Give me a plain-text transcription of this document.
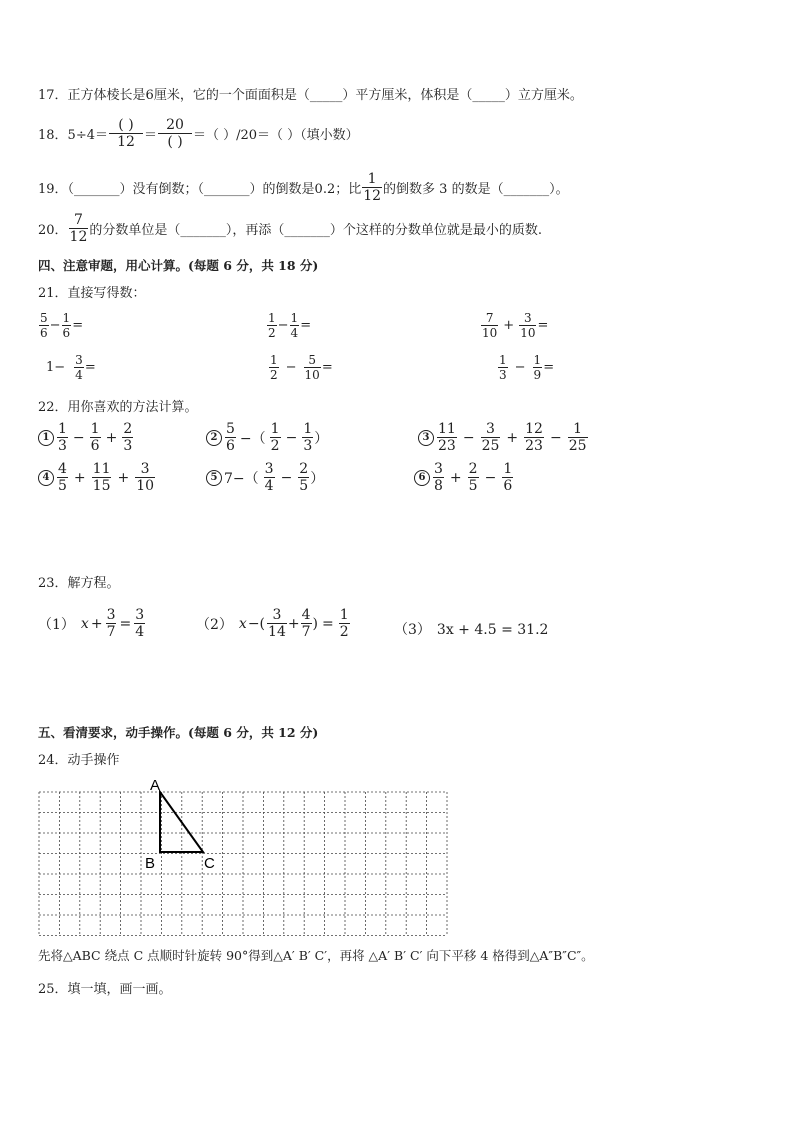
17．正方体棱长是6厘米，它的一个面面积是（_____）平方厘米，体积是（_____）立方厘米。
18．$5\div 4= \frac{( )}{12} = \frac{20}{( )}$ ＝（ ）/20＝（ ）（填小数）
19．（_______）没有倒数；（_______）的倒数是0.2；比 $\frac{1}{12}$ 的倒数多 3 的数是（_______）。
20． $\frac{7}{12}$ 的分数单位是（_______），再添（_______）个这样的分数单位就是最小的质数.
四、注意审题，用心计算。(每题 6 分，共 18 分)
21．直接写得数：
$\frac{5}{6} - \frac{1}{6}$ =	$\frac{1}{2} - \frac{1}{4}$ =	$\frac{7}{10} + \frac{3}{10}$ =
$1- \frac{3}{4}$ =	$\frac{1}{2} - \frac{5}{10}$ =	$\frac{1}{3} - \frac{1}{9}$ =
22．用你喜欢的方法计算。
$1 \frac{1}{3} - \frac{1}{6} + \frac{2}{3}$	$2 \frac{5}{6}$ −（ $\frac{1}{2} - \frac{1}{3}$ ）	$3 \frac{11}{23} - \frac{3}{25} + \frac{12}{23} - \frac{1}{25}$
$4 \frac{4}{5} + \frac{11}{15} + \frac{3}{10}$	5 $7-( \frac{3}{4} - \frac{2}{5}$ ）	$6 \frac{3}{8} + \frac{2}{5} - \frac{1}{6}$
23．解方程。
（1） $x + \frac{3}{7} = \frac{3}{4}$	（2） x −( $\frac{3}{14} + \frac{4}{7}$ ) = $\frac{1}{2}$	（3） 3x + 4.5 = 31.2
五、看清要求，动手操作。(每题 6 分，共 12 分)
24．动手操作
A
B	C
先将△ABC 绕点 C 点顺时针旋转 90°得到△A′ B′ C′，再将 △A′ B′ C′ 向下平移 4 格得到△A″B″C″。
25．填一填，画一画。
